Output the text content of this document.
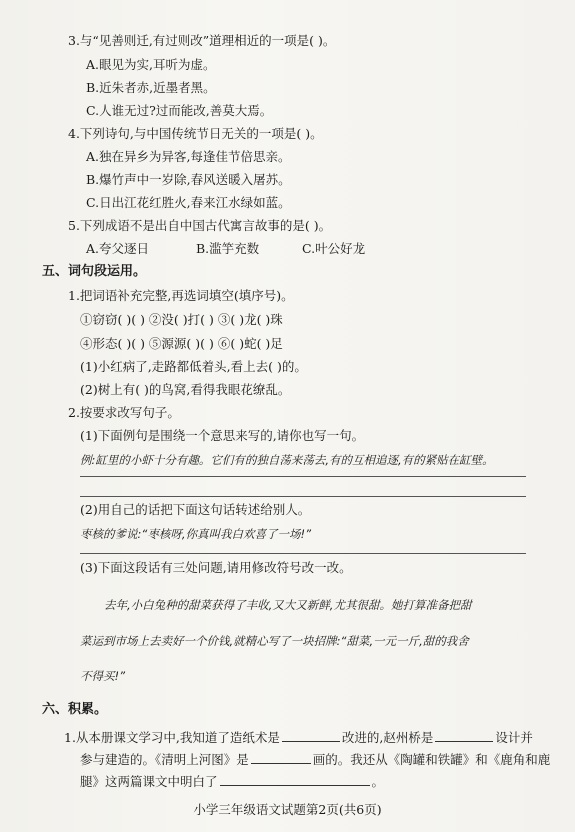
3.与“见善则迁,有过则改”道理相近的一项是( )。
A.眼见为实,耳听为虚。
B.近朱者赤,近墨者黑。
C.人谁无过?过而能改,善莫大焉。
4.下列诗句,与中国传统节日无关的一项是( )。
A.独在异乡为异客,每逢佳节倍思亲。
B.爆竹声中一岁除,春风送暖入屠苏。
C.日出江花红胜火,春来江水绿如蓝。
5.下列成语不是出自中国古代寓言故事的是( )。
A.夸父逐日	B.滥竽充数	C.叶公好龙
五、词句段运用。
1.把词语补充完整,再选词填空(填序号)。
①窃窃( )( ) ②没( )打( ) ③( )龙( )珠
④形态( )( ) ⑤源源( )( ) ⑥( )蛇( )足
(1)小红病了,走路都低着头,看上去( )的。
(2)树上有( )的鸟窝,看得我眼花缭乱。
2.按要求改写句子。
(1)下面例句是围绕一个意思来写的,请你也写一句。
例:缸里的小虾十分有趣。它们有的独自荡来荡去,有的互相追逐,有的紧贴在缸壁。
(2)用自己的话把下面这句话转述给别人。
枣核的爹说:“枣核呀,你真叫我白欢喜了一场!”
(3)下面这段话有三处问题,请用修改符号改一改。
去年,小白兔种的甜菜获得了丰收,又大又新鲜,尤其很甜。她打算准备把甜
菜运到市场上去卖好一个价钱,就精心写了一块招牌:“甜菜,一元一斤,甜的我舍
不得买!”
六、积累。
1.从本册课文学习中,我知道了造纸术是	改进的,赵州桥是	设计并
参与建造的。《清明上河图》是	画的。我还从《陶罐和铁罐》和《鹿角和鹿
腿》这两篇课文中明白了	。
小学三年级语文试题第2页(共6页)
